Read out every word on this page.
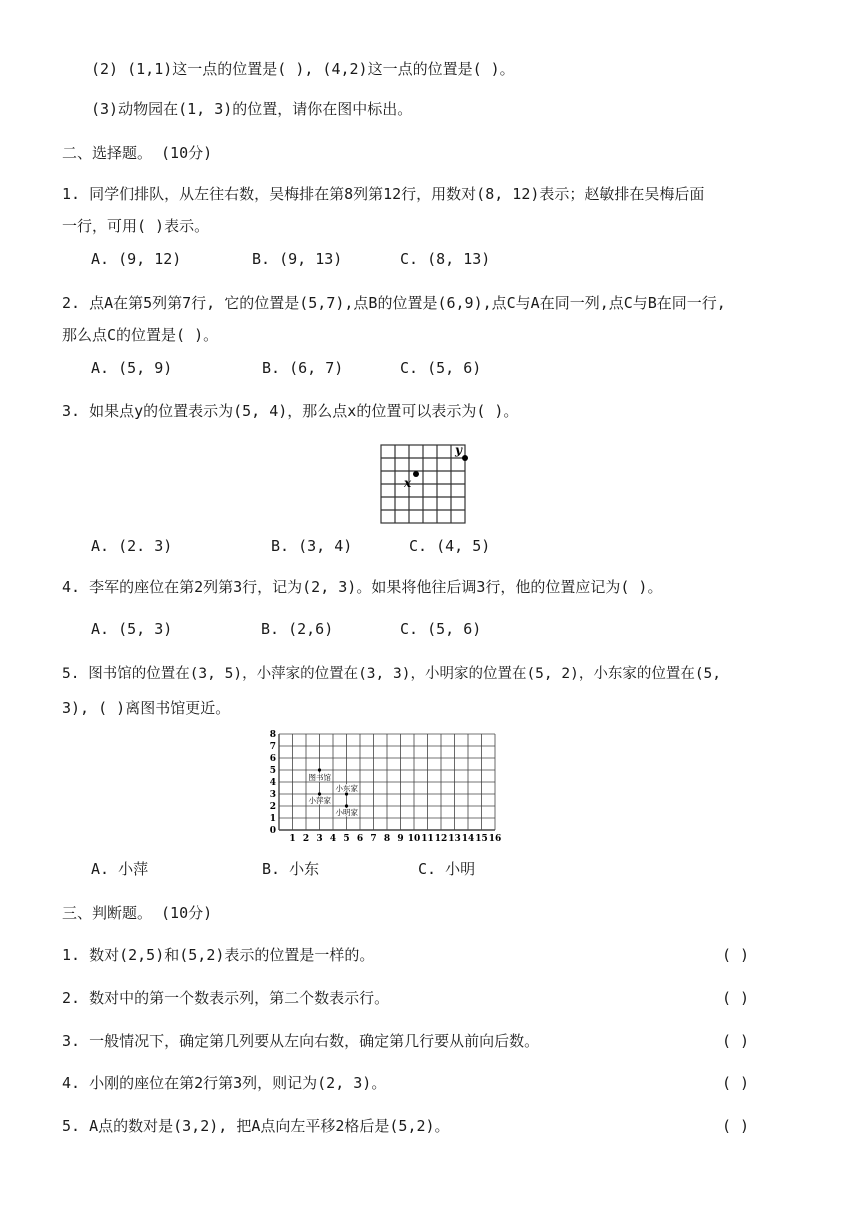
(2) (1,1)这一点的位置是( ), (4,2)这一点的位置是( )。
(3)动物园在(1, 3)的位置，请你在图中标出。
二、选择题。 (10分)
1. 同学们排队，从左往右数，吴梅排在第8列第12行，用数对(8, 12)表示；赵敏排在吴梅后面
一行，可用( )表示。
A. (9, 12)	B. (9, 13)	C. (8, 13)
2. 点A在第5列第7行, 它的位置是(5,7),点B的位置是(6,9),点C与A在同一列,点C与B在同一行,
那么点C的位置是( )。
A. (5, 9)	B. (6, 7)	C. (5, 6)
3. 如果点y的位置表示为(5, 4)，那么点x的位置可以表示为( )。
y
x
A. (2. 3)	B. (3, 4)	C. (4, 5)
4. 李军的座位在第2列第3行，记为(2, 3)。如果将他往后调3行，他的位置应记为( )。
A. (5, 3)	B. (2,6)	C. (5, 6)
5. 图书馆的位置在(3, 5)，小萍家的位置在(3, 3)，小明家的位置在(5, 2)，小东家的位置在(5,
3), ( )离图书馆更近。
1 2 3 4 5 6 7 8 9 10 11 12 13 14 15 16
0
1
2
3
4
5
6
7
8
图书馆
小萍家
小东家
小明家
A. 小萍	B. 小东	C. 小明
三、判断题。 (10分)
1. 数对(2,5)和(5,2)表示的位置是一样的。	( )
2. 数对中的第一个数表示列，第二个数表示行。	( )
3. 一般情况下，确定第几列要从左向右数，确定第几行要从前向后数。	( )
4. 小刚的座位在第2行第3列，则记为(2, 3)。	( )
5. A点的数对是(3,2), 把A点向左平移2格后是(5,2)。	( )
